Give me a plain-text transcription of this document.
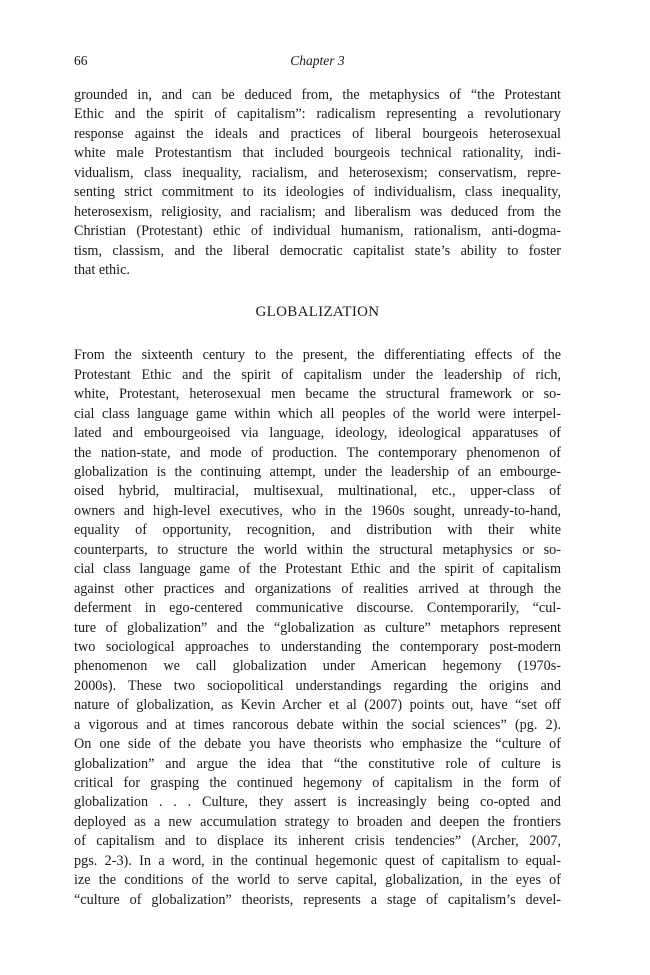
66	Chapter 3
grounded in, and can be deduced from, the metaphysics of “the Protestant
Ethic and the spirit of capitalism”: radicalism representing a revolutionary
response against the ideals and practices of liberal bourgeois heterosexual
white male Protestantism that included bourgeois technical rationality, indi-
vidualism, class inequality, racialism, and heterosexism; conservatism, repre-
senting strict commitment to its ideologies of individualism, class inequality,
heterosexism, religiosity, and racialism; and liberalism was deduced from the
Christian (Protestant) ethic of individual humanism, rationalism, anti-dogma-
tism, classism, and the liberal democratic capitalist state’s ability to foster
that ethic.
GLOBALIZATION
From the sixteenth century to the present, the differentiating effects of the
Protestant Ethic and the spirit of capitalism under the leadership of rich,
white, Protestant, heterosexual men became the structural framework or so-
cial class language game within which all peoples of the world were interpel-
lated and embourgeoised via language, ideology, ideological apparatuses of
the nation-state, and mode of production. The contemporary phenomenon of
globalization is the continuing attempt, under the leadership of an embourge-
oised hybrid, multiracial, multisexual, multinational, etc., upper-class of
owners and high-level executives, who in the 1960s sought, unready-to-hand,
equality of opportunity, recognition, and distribution with their white
counterparts, to structure the world within the structural metaphysics or so-
cial class language game of the Protestant Ethic and the spirit of capitalism
against other practices and organizations of realities arrived at through the
deferment in ego-centered communicative discourse. Contemporarily, “cul-
ture of globalization” and the “globalization as culture” metaphors represent
two sociological approaches to understanding the contemporary post-modern
phenomenon we call globalization under American hegemony (1970s-
2000s). These two sociopolitical understandings regarding the origins and
nature of globalization, as Kevin Archer et al (2007) points out, have “set off
a vigorous and at times rancorous debate within the social sciences” (pg. 2).
On one side of the debate you have theorists who emphasize the “culture of
globalization” and argue the idea that “the constitutive role of culture is
critical for grasping the continued hegemony of capitalism in the form of
globalization . . . Culture, they assert is increasingly being co-opted and
deployed as a new accumulation strategy to broaden and deepen the frontiers
of capitalism and to displace its inherent crisis tendencies” (Archer, 2007,
pgs. 2-3). In a word, in the continual hegemonic quest of capitalism to equal-
ize the conditions of the world to serve capital, globalization, in the eyes of
“culture of globalization” theorists, represents a stage of capitalism’s devel-
